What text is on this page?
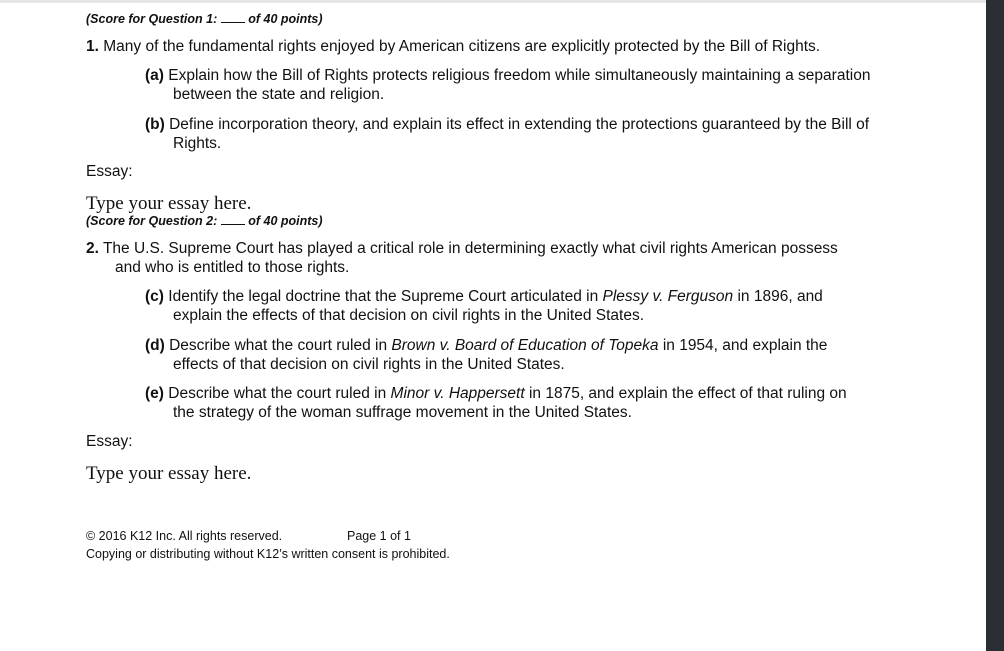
(Score for Question 1:  of 40 points)
1. Many of the fundamental rights enjoyed by American citizens are explicitly protected by the Bill of Rights.
(a) Explain how the Bill of Rights protects religious freedom while simultaneously maintaining a separation
between the state and religion.
(b) Define incorporation theory, and explain its effect in extending the protections guaranteed by the Bill of
Rights.
Essay:
Type your essay here.
(Score for Question 2:  of 40 points)
2. The U.S. Supreme Court has played a critical role in determining exactly what civil rights American possess
and who is entitled to those rights.
(c) Identify the legal doctrine that the Supreme Court articulated in Plessy v. Ferguson in 1896, and
explain the effects of that decision on civil rights in the United States.
(d) Describe what the court ruled in Brown v. Board of Education of Topeka in 1954, and explain the
effects of that decision on civil rights in the United States.
(e) Describe what the court ruled in Minor v. Happersett in 1875, and explain the effect of that ruling on
the strategy of the woman suffrage movement in the United States.
Essay:
Type your essay here.
© 2016 K12 Inc. All rights reserved.	Page 1 of 1
Copying or distributing without K12’s written consent is prohibited.
